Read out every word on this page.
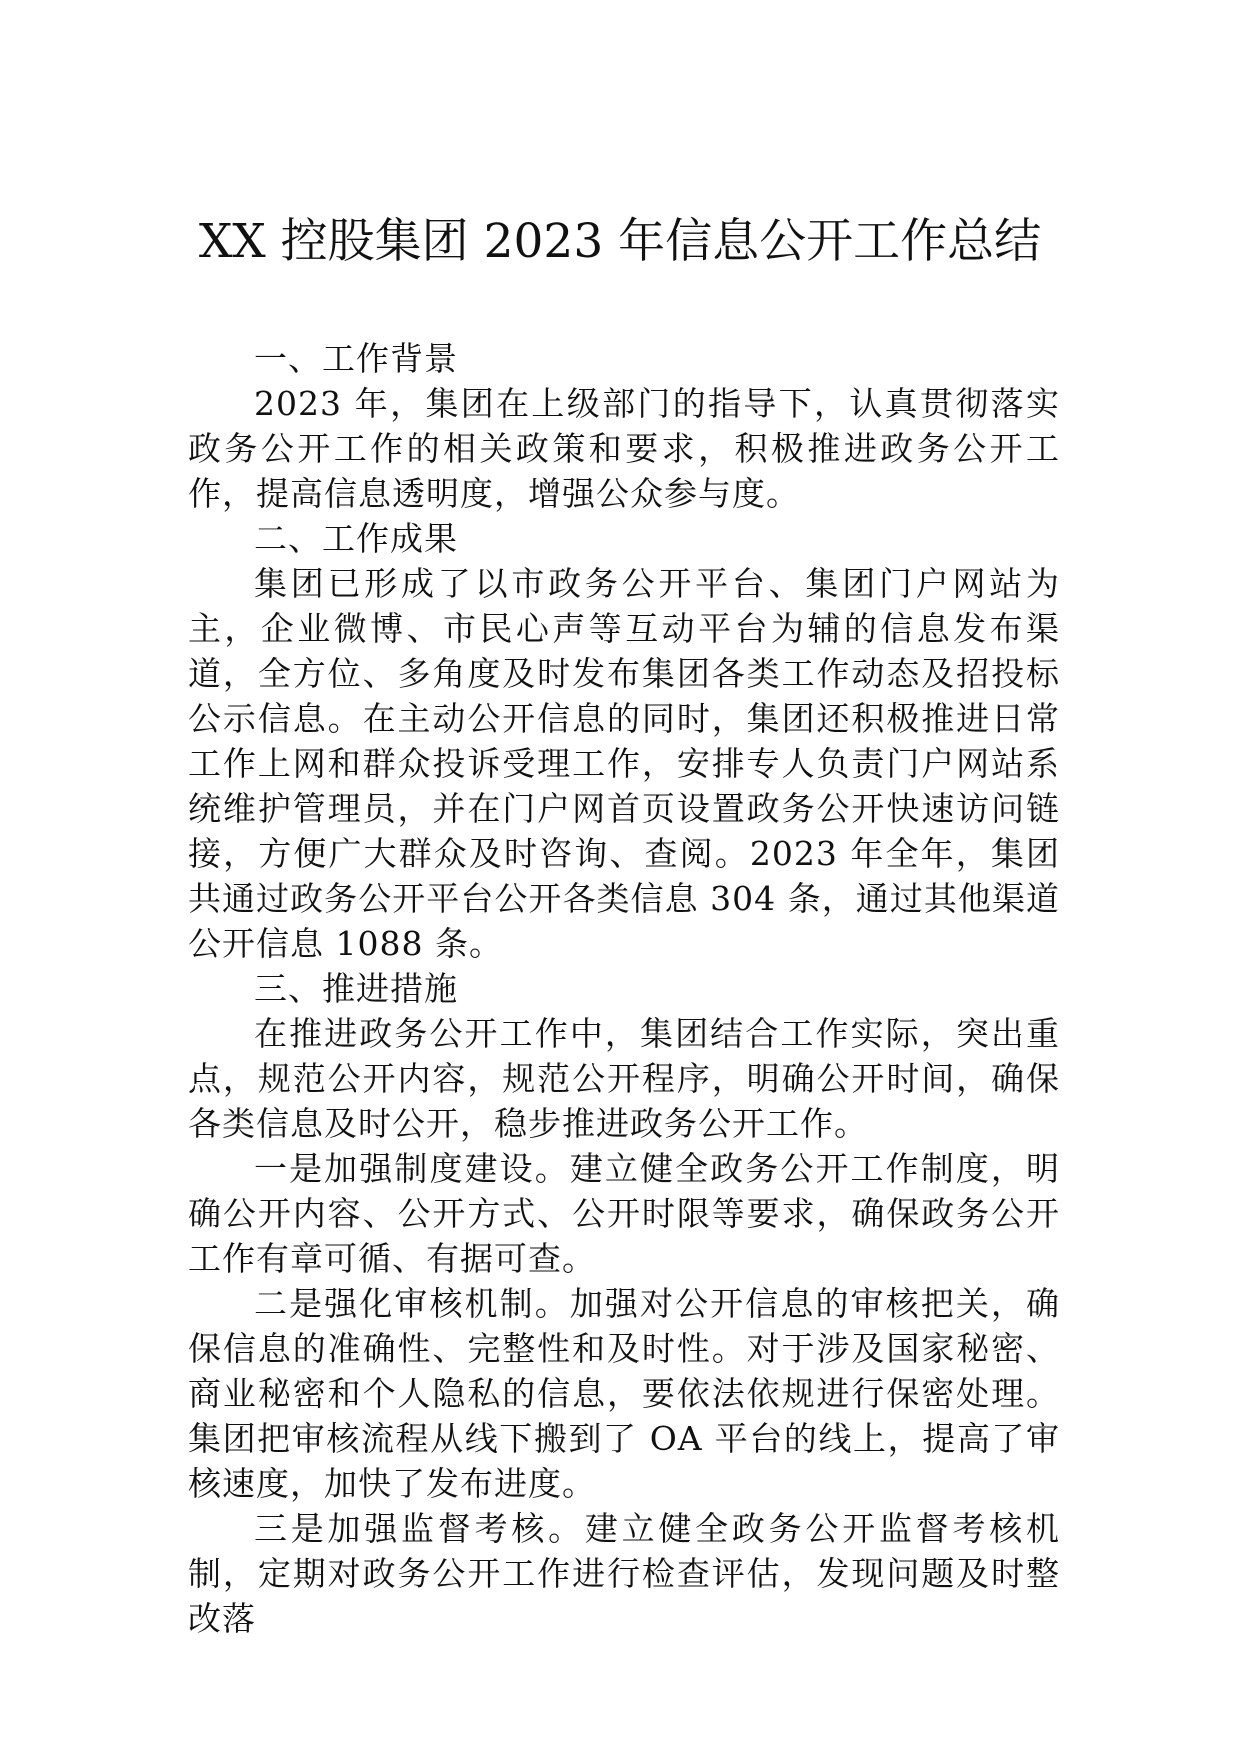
XX 控股集团 2023 年信息公开工作总结

一、工作背景

2023 年，集团在上级部门的指导下，认真贯彻落实政务公开工作的相关政策和要求，积极推进政务公开工作，提高信息透明度，增强公众参与度。

二、工作成果

集团已形成了以市政务公开平台、集团门户网站为主，企业微博、市民心声等互动平台为辅的信息发布渠道，全方位、多角度及时发布集团各类工作动态及招投标公示信息。在主动公开信息的同时，集团还积极推进日常工作上网和群众投诉受理工作，安排专人负责门户网站系统维护管理员，并在门户网首页设置政务公开快速访问链接，方便广大群众及时咨询、查阅。2023 年全年，集团共通过政务公开平台公开各类信息 304 条，通过其他渠道公开信息 1088 条。

三、推进措施

在推进政务公开工作中，集团结合工作实际，突出重点，规范公开内容，规范公开程序，明确公开时间，确保各类信息及时公开，稳步推进政务公开工作。

一是加强制度建设。建立健全政务公开工作制度，明确公开内容、公开方式、公开时限等要求，确保政务公开工作有章可循、有据可查。

二是强化审核机制。加强对公开信息的审核把关，确保信息的准确性、完整性和及时性。对于涉及国家秘密、商业秘密和个人隐私的信息，要依法依规进行保密处理。集团把审核流程从线下搬到了 OA 平台的线上，提高了审核速度，加快了发布进度。

三是加强监督考核。建立健全政务公开监督考核机制，定期对政务公开工作进行检查评估，发现问题及时整改落
